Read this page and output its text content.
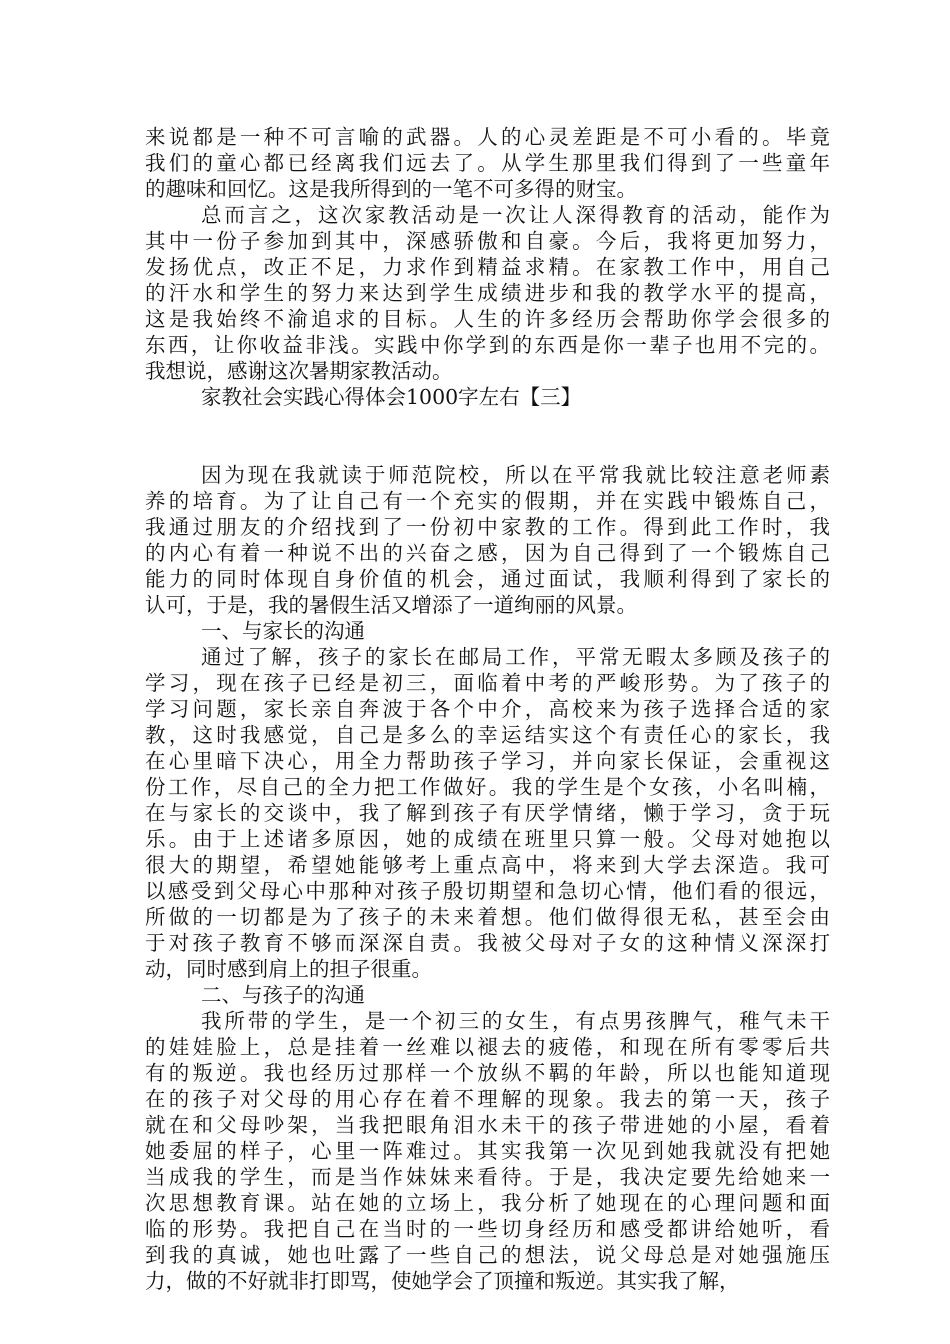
来说都是一种不可言喻的武器。人的心灵差距是不可小看的。毕竟
我们的童心都已经离我们远去了。从学生那里我们得到了一些童年
的趣味和回忆。这是我所得到的一笔不可多得的财宝。
总而言之，这次家教活动是一次让人深得教育的活动，能作为
其中一份子参加到其中，深感骄傲和自豪。今后，我将更加努力，
发扬优点，改正不足，力求作到精益求精。在家教工作中，用自己
的汗水和学生的努力来达到学生成绩进步和我的教学水平的提高，
这是我始终不渝追求的目标。人生的许多经历会帮助你学会很多的
东西，让你收益非浅。实践中你学到的东西是你一辈子也用不完的。
我想说，感谢这次暑期家教活动。
家教社会实践心得体会1000字左右【三】
因为现在我就读于师范院校，所以在平常我就比较注意老师素
养的培育。为了让自己有一个充实的假期，并在实践中锻炼自己，
我通过朋友的介绍找到了一份初中家教的工作。得到此工作时，我
的内心有着一种说不出的兴奋之感，因为自己得到了一个锻炼自己
能力的同时体现自身价值的机会，通过面试，我顺利得到了家长的
认可，于是，我的暑假生活又增添了一道绚丽的风景。
一、与家长的沟通
通过了解，孩子的家长在邮局工作，平常无暇太多顾及孩子的
学习，现在孩子已经是初三，面临着中考的严峻形势。为了孩子的
学习问题，家长亲自奔波于各个中介，高校来为孩子选择合适的家
教，这时我感觉，自己是多么的幸运结实这个有责任心的家长，我
在心里暗下决心，用全力帮助孩子学习，并向家长保证，会重视这
份工作，尽自己的全力把工作做好。我的学生是个女孩，小名叫楠，
在与家长的交谈中，我了解到孩子有厌学情绪，懒于学习，贪于玩
乐。由于上述诸多原因，她的成绩在班里只算一般。父母对她抱以
很大的期望，希望她能够考上重点高中，将来到大学去深造。我可
以感受到父母心中那种对孩子殷切期望和急切心情，他们看的很远，
所做的一切都是为了孩子的未来着想。他们做得很无私，甚至会由
于对孩子教育不够而深深自责。我被父母对子女的这种情义深深打
动，同时感到肩上的担子很重。
二、与孩子的沟通
我所带的学生，是一个初三的女生，有点男孩脾气，稚气未干
的娃娃脸上，总是挂着一丝难以褪去的疲倦，和现在所有零零后共
有的叛逆。我也经历过那样一个放纵不羁的年龄，所以也能知道现
在的孩子对父母的用心存在着不理解的现象。我去的第一天，孩子
就在和父母吵架，当我把眼角泪水未干的孩子带进她的小屋，看着
她委屈的样子，心里一阵难过。其实我第一次见到她我就没有把她
当成我的学生，而是当作妹妹来看待。于是，我决定要先给她来一
次思想教育课。站在她的立场上，我分析了她现在的心理问题和面
临的形势。我把自己在当时的一些切身经历和感受都讲给她听，看
到我的真诚，她也吐露了一些自己的想法，说父母总是对她强施压
力，做的不好就非打即骂，使她学会了顶撞和叛逆。其实我了解，
